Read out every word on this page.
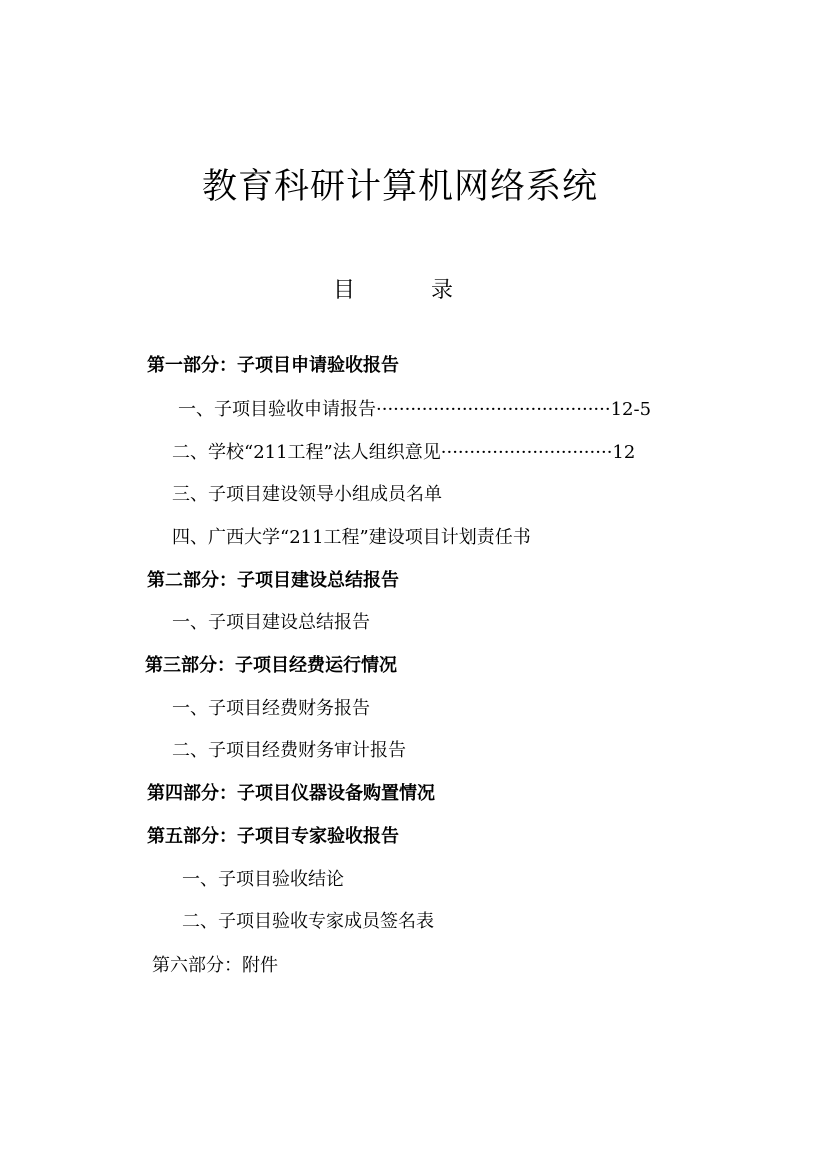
教育科研计算机网络系统
目	录
第一部分：子项目申请验收报告
一、子项目验收申请报告 ········································· 12-5
二、学校“211工程”法人组织意见 ······························ 12
三、子项目建设领导小组成员名单
四、广西大学“211工程”建设项目计划责任书
第二部分：子项目建设总结报告
一、子项目建设总结报告
第三部分：子项目经费运行情况
一、子项目经费财务报告
二、子项目经费财务审计报告
第四部分：子项目仪器设备购置情况
第五部分：子项目专家验收报告
一、子项目验收结论
二、子项目验收专家成员签名表
第六部分：附件
